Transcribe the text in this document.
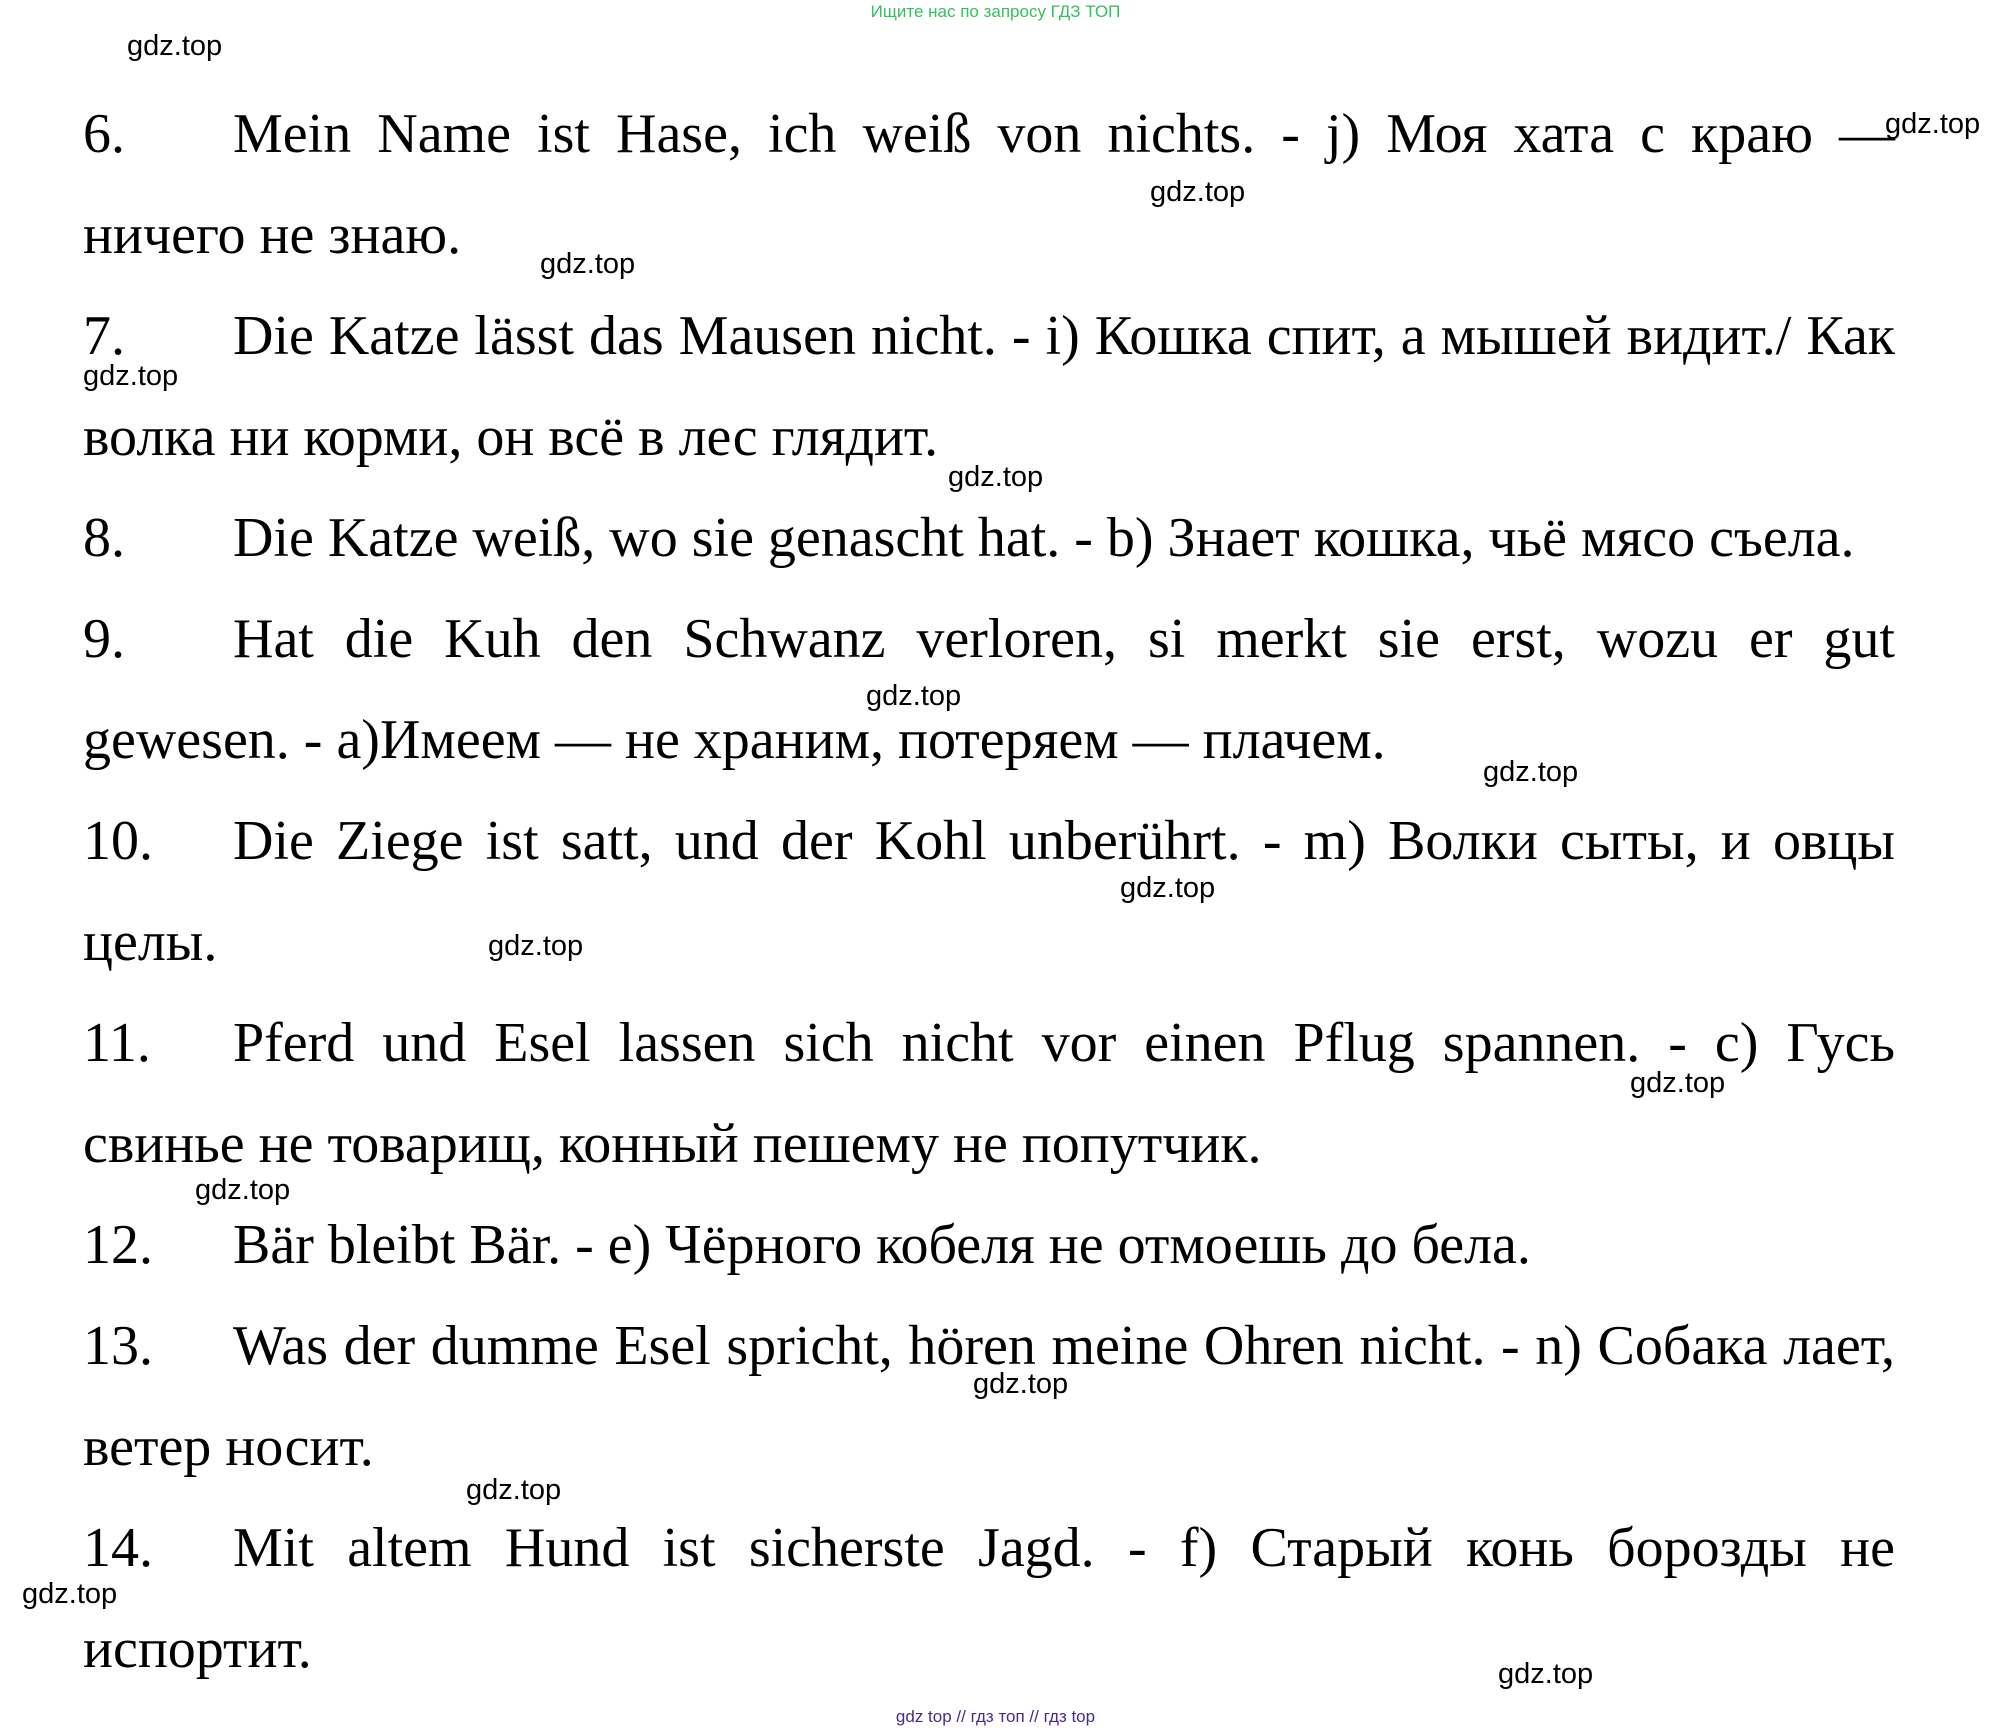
Ищите нас по запросу ГДЗ ТОП

6. Mein Name ist Hase, ich weiß von nichts. - j) Моя хата с краю — ничего не знаю.

7. Die Katze lässt das Mausen nicht. - i) Кошка спит, а мышей видит./ Как волка ни корми, он всё в лес глядит.

8. Die Katze weiß, wo sie genascht hat. - b) Знает кошка, чьё мясо съела.

9. Hat die Kuh den Schwanz verloren, si merkt sie erst, wozu er gut gewesen. - a)Имеем — не храним, потеряем — плачем.

10. Die Ziege ist satt, und der Kohl unberührt. - m) Волки сыты, и овцы целы.

11. Pferd und Esel lassen sich nicht vor einen Pflug spannen. - c) Гусь свинье не товарищ, конный пешему не попутчик.

12. Bär bleibt Bär. - e) Чёрного кобеля не отмоешь до бела.

13. Was der dumme Esel spricht, hören meine Ohren nicht. - n) Собака лает, ветер носит.

14. Mit altem Hund ist sicherste Jagd. - f) Старый конь борозды не испортит.

gdz.top
gdz.top
gdz.top
gdz.top
gdz.top
gdz.top
gdz.top
gdz.top
gdz.top
gdz.top
gdz.top
gdz.top
gdz.top
gdz.top
gdz.top
gdz.top
gdz top // гдз топ // гдз top
